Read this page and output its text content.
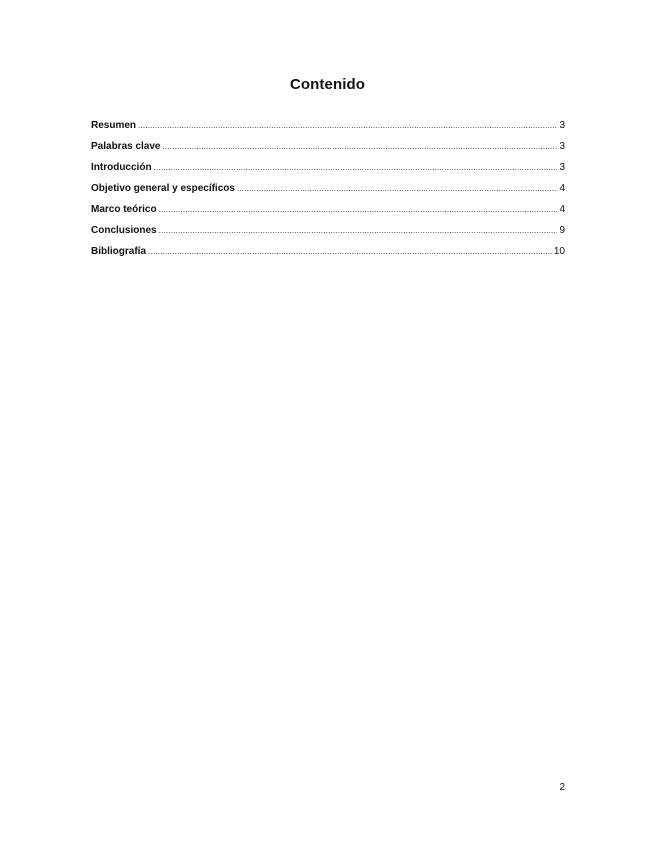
Contenido
Resumen .....	3
Palabras clave .....	3
Introducción .....	3
Objetivo general y específicos .....	4
Marco teórico .....	4
Conclusiones .....	9
Bibliografía .....	10
2
